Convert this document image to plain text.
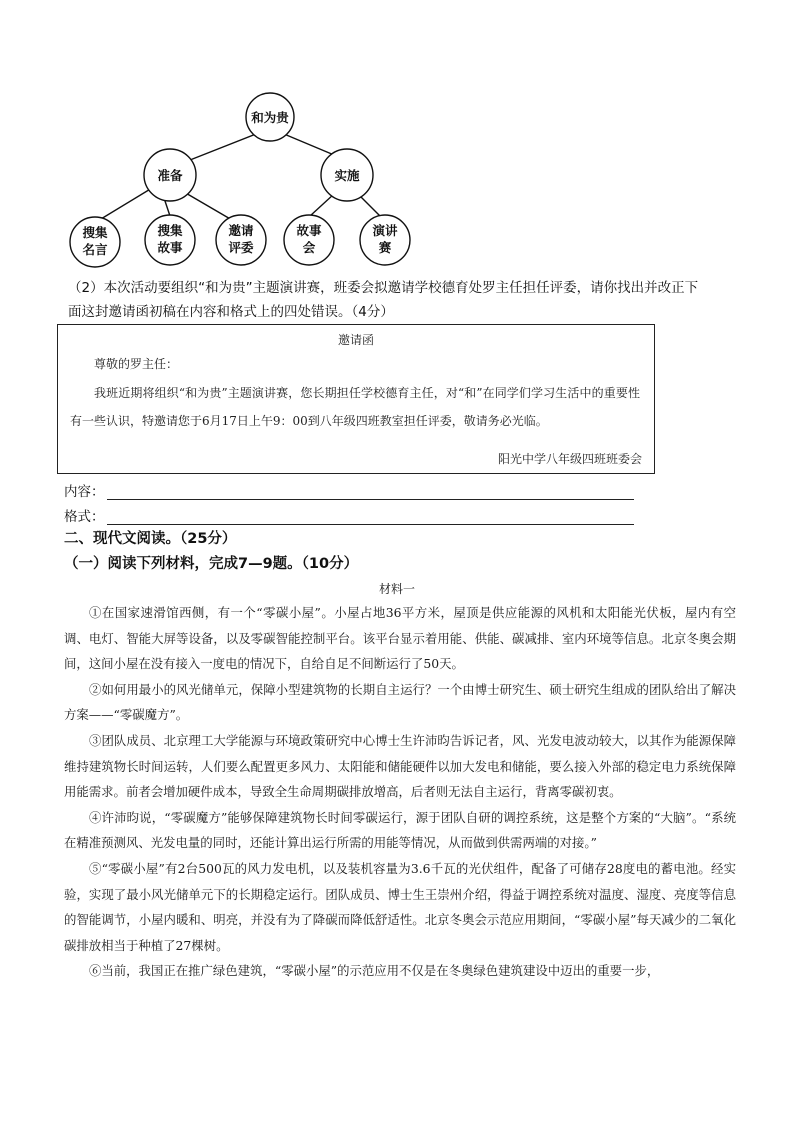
和为贵
准备	实施
搜集
名言
搜集
故事
邀请
评委
故事
会
演讲
赛

（2）本次活动要组织“和为贵”主题演讲赛，班委会拟邀请学校德育处罗主任担任评委，请你找出并改正下

面这封邀请函初稿在内容和格式上的四处错误。（4分）

邀请函
尊敬的罗主任：
我班近期将组织“和为贵”主题演讲赛，您长期担任学校德育主任，对“和”在同学们学习生活中的重要性有一些认识，特邀请您于6月17日上午9：00到八年级四班教室担任评委，敬请务必光临。
阳光中学八年级四班班委会
内容：
格式：
二、现代文阅读。（25分）
（一）阅读下列材料，完成7—9题。（10分）
材料一

①在国家速滑馆西侧，有一个“零碳小屋”。小屋占地36平方米，屋顶是供应能源的风机和太阳能光伏板，屋内有空调、电灯、智能大屏等设备，以及零碳智能控制平台。该平台显示着用能、供能、碳减排、室内环境等信息。北京冬奥会期间，这间小屋在没有接入一度电的情况下，自给自足不间断运行了50天。

②如何用最小的风光储单元，保障小型建筑物的长期自主运行？一个由博士研究生、硕士研究生组成的团队给出了解决方案——“零碳魔方”。

③团队成员、北京理工大学能源与环境政策研究中心博士生许沛昀告诉记者，风、光发电波动较大，以其作为能源保障维持建筑物长时间运转，人们要么配置更多风力、太阳能和储能硬件以加大发电和储能，要么接入外部的稳定电力系统保障用能需求。前者会增加硬件成本，导致全生命周期碳排放增高，后者则无法自主运行，背离零碳初衷。

④许沛昀说，“零碳魔方”能够保障建筑物长时间零碳运行，源于团队自研的调控系统，这是整个方案的“大脑”。“系统在精准预测风、光发电量的同时，还能计算出运行所需的用能等情况，从而做到供需两端的对接。”

⑤“零碳小屋”有2台500瓦的风力发电机，以及装机容量为3.6千瓦的光伏组件，配备了可储存28度电的蓄电池。经实验，实现了最小风光储单元下的长期稳定运行。团队成员、博士生王崇州介绍，得益于调控系统对温度、湿度、亮度等信息的智能调节，小屋内暖和、明亮，并没有为了降碳而降低舒适性。北京冬奥会示范应用期间，“零碳小屋”每天减少的二氧化碳排放相当于种植了27棵树。

⑥当前，我国正在推广绿色建筑，“零碳小屋”的示范应用不仅是在冬奥绿色建筑建设中迈出的重要一步，
